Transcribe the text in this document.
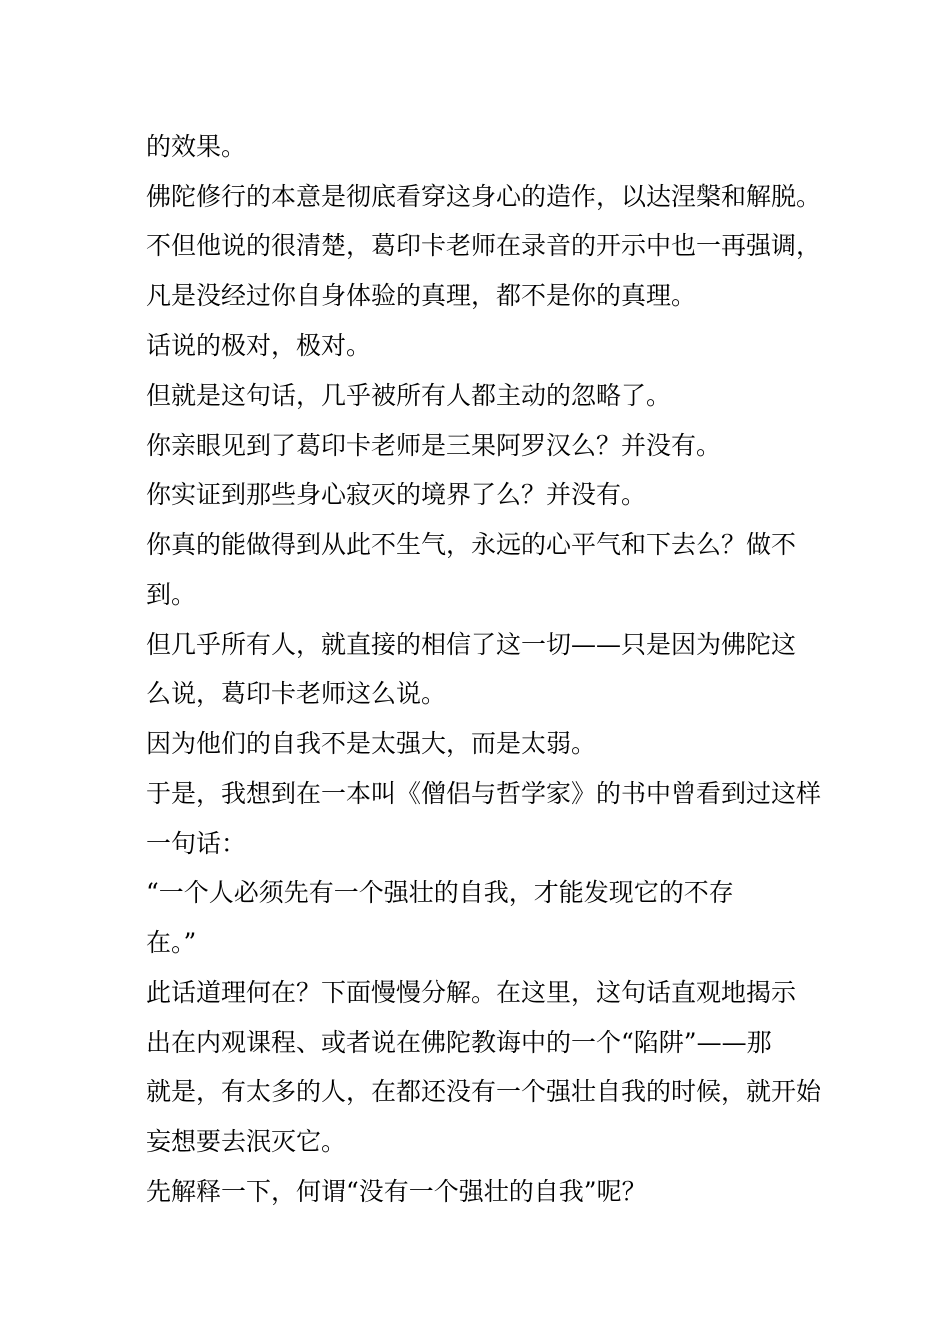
的效果。
佛陀修行的本意是彻底看穿这身心的造作，以达涅槃和解脱。
不但他说的很清楚，葛印卡老师在录音的开示中也一再强调，
凡是没经过你自身体验的真理，都不是你的真理。
话说的极对，极对。
但就是这句话，几乎被所有人都主动的忽略了。
你亲眼见到了葛印卡老师是三果阿罗汉么？并没有。
你实证到那些身心寂灭的境界了么？并没有。
你真的能做得到从此不生气，永远的心平气和下去么？做不
到。
但几乎所有人，就直接的相信了这一切——只是因为佛陀这
么说，葛印卡老师这么说。
因为他们的自我不是太强大，而是太弱。
于是，我想到在一本叫《僧侣与哲学家》的书中曾看到过这样
一句话：
“一个人必须先有一个强壮的自我，才能发现它的不存
在。”
此话道理何在？下面慢慢分解。在这里，这句话直观地揭示
出在内观课程、或者说在佛陀教诲中的一个“陷阱”——那
就是，有太多的人，在都还没有一个强壮自我的时候，就开始
妄想要去泯灭它。
先解释一下，何谓“没有一个强壮的自我”呢？
